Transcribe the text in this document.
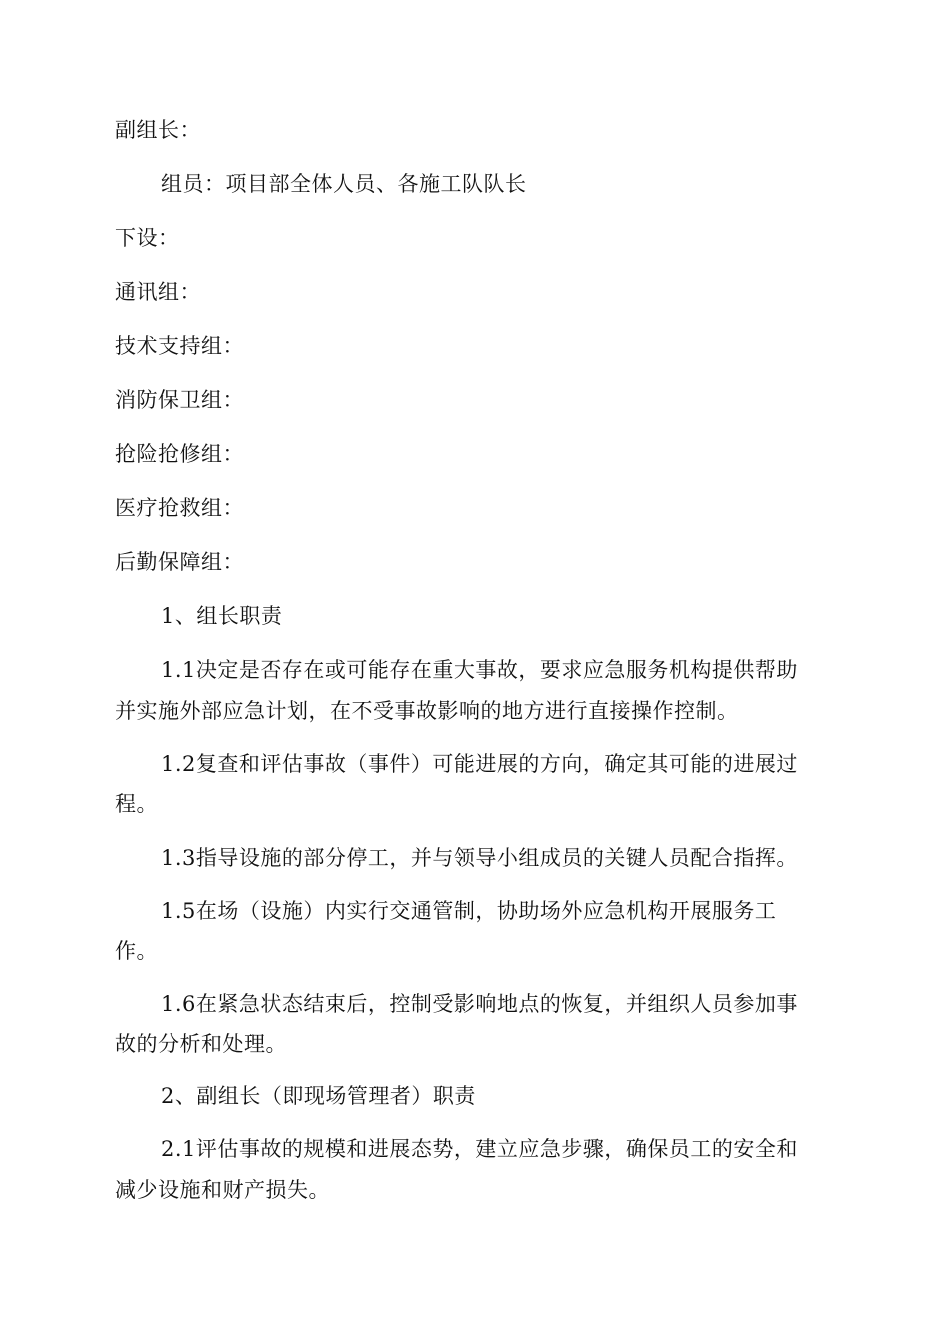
副组长：
组员：项目部全体人员、各施工队队长
下设：
通讯组：
技术支持组：
消防保卫组：
抢险抢修组：
医疗抢救组：
后勤保障组：
1、组长职责
1.1决定是否存在或可能存在重大事故，要求应急服务机构提供帮助
并实施外部应急计划，在不受事故影响的地方进行直接操作控制。
1.2复查和评估事故（事件）可能进展的方向，确定其可能的进展过
程。
1.3指导设施的部分停工，并与领导小组成员的关键人员配合指挥。
1.5在场（设施）内实行交通管制，协助场外应急机构开展服务工
作。
1.6在紧急状态结束后，控制受影响地点的恢复，并组织人员参加事
故的分析和处理。
2、副组长（即现场管理者）职责
2.1评估事故的规模和进展态势，建立应急步骤，确保员工的安全和
减少设施和财产损失。
